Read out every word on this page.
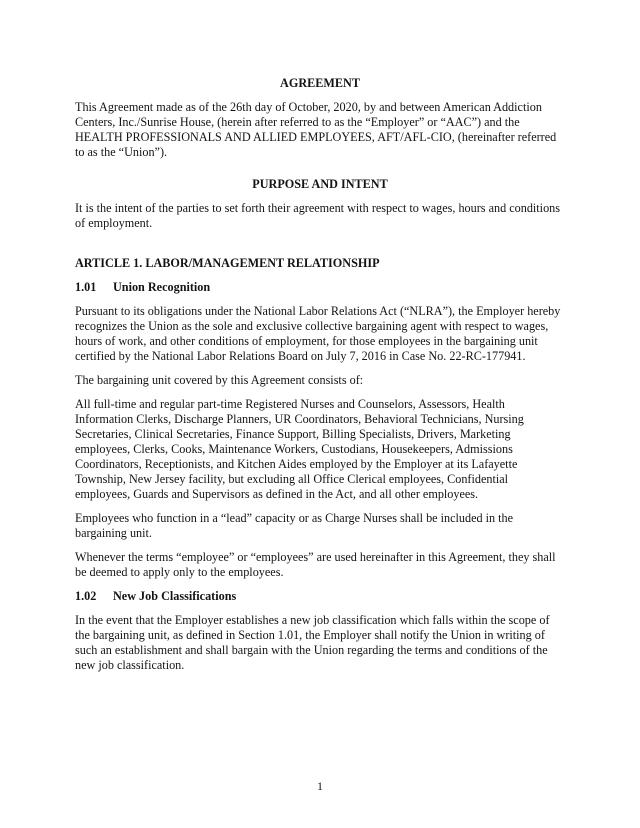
AGREEMENT

This Agreement made as of the 26th day of October, 2020, by and between American Addiction Centers, Inc./Sunrise House, (herein after referred to as the “Employer” or “AAC”) and the HEALTH PROFESSIONALS AND ALLIED EMPLOYEES, AFT/AFL-CIO, (hereinafter referred to as the “Union”).

PURPOSE AND INTENT

It is the intent of the parties to set forth their agreement with respect to wages, hours and conditions of employment.

ARTICLE 1. LABOR/MANAGEMENT RELATIONSHIP
1.01 Union Recognition

Pursuant to its obligations under the National Labor Relations Act (“NLRA”), the Employer hereby recognizes the Union as the sole and exclusive collective bargaining agent with respect to wages, hours of work, and other conditions of employment, for those employees in the bargaining unit certified by the National Labor Relations Board on July 7, 2016 in Case No. 22-RC-177941.

The bargaining unit covered by this Agreement consists of:

All full-time and regular part-time Registered Nurses and Counselors, Assessors, Health Information Clerks, Discharge Planners, UR Coordinators, Behavioral Technicians, Nursing Secretaries, Clinical Secretaries, Finance Support, Billing Specialists, Drivers, Marketing employees, Clerks, Cooks, Maintenance Workers, Custodians, Housekeepers, Admissions Coordinators, Receptionists, and Kitchen Aides employed by the Employer at its Lafayette Township, New Jersey facility, but excluding all Office Clerical employees, Confidential employees, Guards and Supervisors as defined in the Act, and all other employees.

Employees who function in a “lead” capacity or as Charge Nurses shall be included in the bargaining unit.

Whenever the terms “employee” or “employees” are used hereinafter in this Agreement, they shall be deemed to apply only to the employees.

1.02 New Job Classifications

In the event that the Employer establishes a new job classification which falls within the scope of the bargaining unit, as defined in Section 1.01, the Employer shall notify the Union in writing of such an establishment and shall bargain with the Union regarding the terms and conditions of the new job classification.

1
